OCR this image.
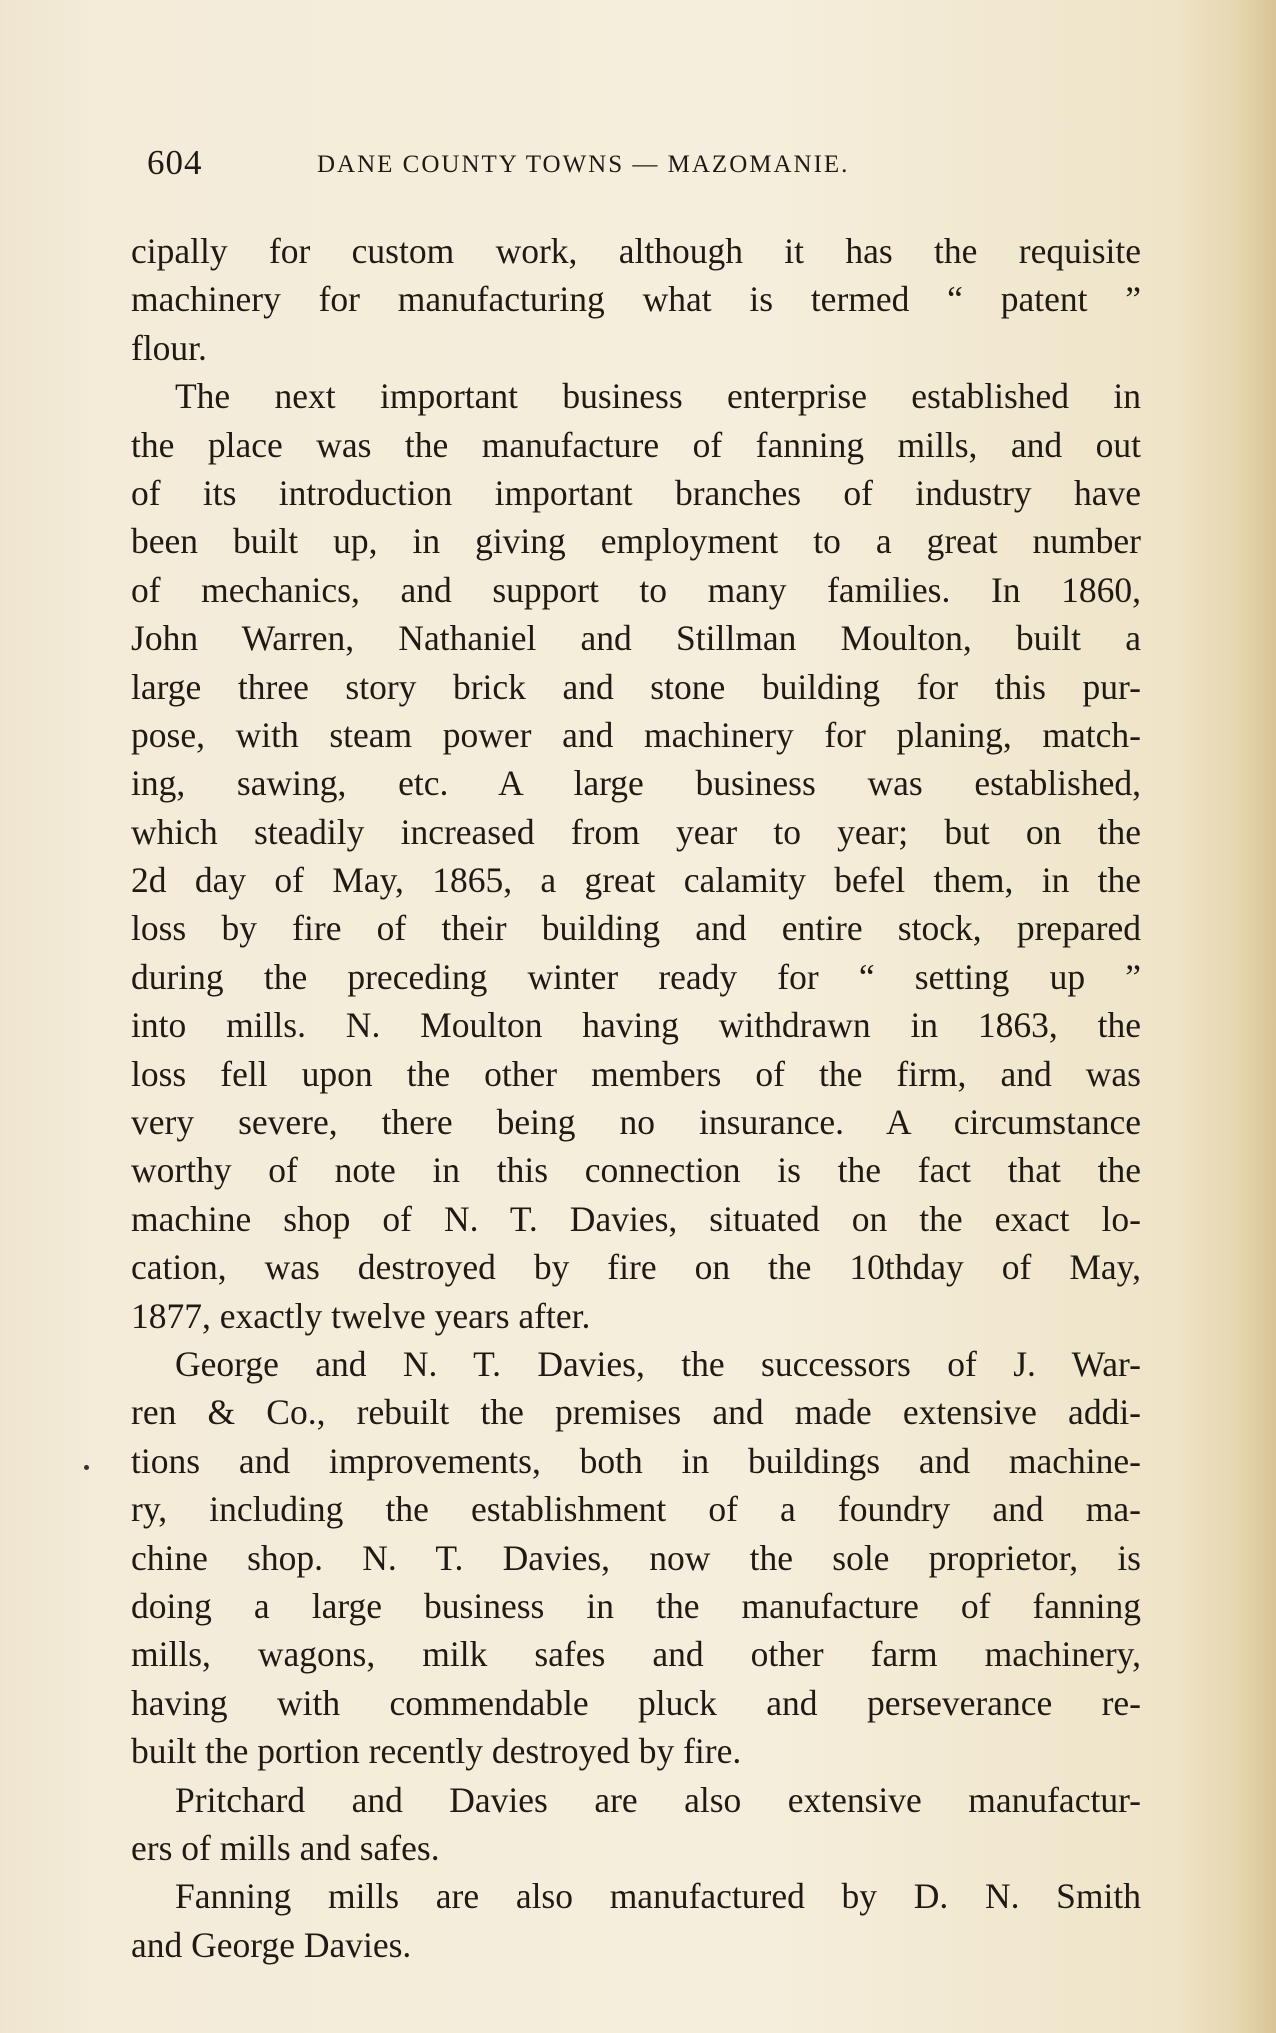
604	DANE COUNTY TOWNS — MAZOMANIE.
cipally for custom work, although it has the requisite
machinery for manufacturing what is termed “ patent ”
flour.
The next important business enterprise established in
the place was the manufacture of fanning mills, and out
of its introduction important branches of industry have
been built up, in giving employment to a great number
of mechanics, and support to many families. In 1860,
John Warren, Nathaniel and Stillman Moulton, built a
large three story brick and stone building for this pur-
pose, with steam power and machinery for planing, match-
ing, sawing, etc. A large business was established,
which steadily increased from year to year; but on the
2d day of May, 1865, a great calamity befel them, in the
loss by fire of their building and entire stock, prepared
during the preceding winter ready for “ setting up ”
into mills. N. Moulton having withdrawn in 1863, the
loss fell upon the other members of the firm, and was
very severe, there being no insurance. A circumstance
worthy of note in this connection is the fact that the
machine shop of N. T. Davies, situated on the exact lo-
cation, was destroyed by fire on the 10thday of May,
1877, exactly twelve years after.
George and N. T. Davies, the successors of J. War-
ren & Co., rebuilt the premises and made extensive addi-
tions and improvements, both in buildings and machine-
ry, including the establishment of a foundry and ma-
chine shop. N. T. Davies, now the sole proprietor, is
doing a large business in the manufacture of fanning
mills, wagons, milk safes and other farm machinery,
having with commendable pluck and perseverance re-
built the portion recently destroyed by fire.
Pritchard and Davies are also extensive manufactur-
ers of mills and safes.
Fanning mills are also manufactured by D. N. Smith
and George Davies.
